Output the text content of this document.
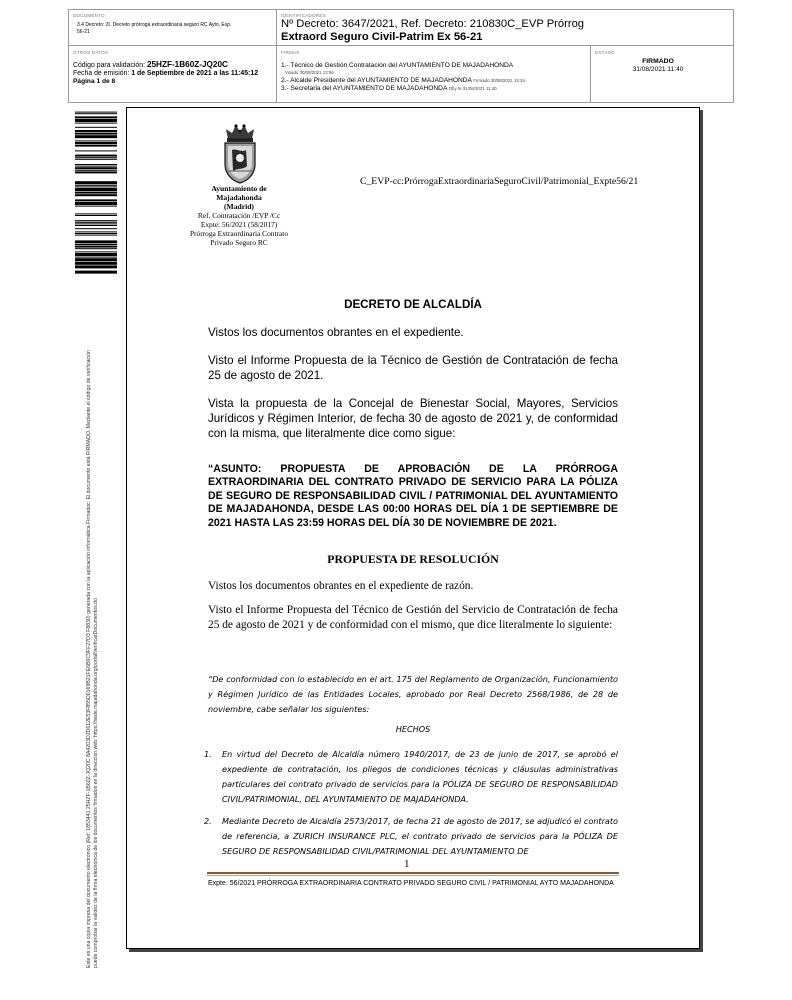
DOCUMENTO
3.4 Decreto: 2I. Decreto prórroga extraordinaria seguro RC Ayto. Exp. 56-21
IDENTIFICADORES
Nº Decreto: 3647/2021, Ref. Decreto: 210830C_EVP Prórrog
Extraord Seguro Civil-Patrim Ex 56-21
OTROS DATOS
Código para validación: 25HZF-1B60Z-JQ20C
Fecha de emisión: 1 de Septiembre de 2021 a las 11:45:12
Página 1 de 8
FIRMAS
:
1.- Técnico de Gestión Contratación del AYUNTAMIENTO DE MAJADAHONDA
Visado 30/08/2021 12:56
2.- Alcalde Presidente del AYUNTAMIENTO DE MAJADAHONDA Firmado 30/08/2021 15:34
3.- Secretaria del AYUNTAMIENTO DE MAJADAHONDA Dby fe 31/08/2021 11:40
ESTADO
FIRMADO
31/08/2021 11:40
Este es una copia impresa del documento electrónico (Ref: 1853441 25HZF-1B60Z-JQ20C 8A4203D2D612E53F855D0169B21FE6B6C9FF27D3 F8830) generada con la aplicación informática Firmadoc. El documento está FIRMADO. Mediante el código de verificación puede comprobar la validez de la firma electrónica de los documentos firmados en la dirección web: https://sede.majadahonda.org/portal/verificarDocumentos.do
Ayuntamiento de
Majadahonda
(Madrid)
Ref. Contratación /EVP /Cc
Expte: 56/2021 (58/2017)
Prórroga Extraordinaria Contrato
Privado Seguro RC
C_EVP-cc:PrórrogaExtraordinariaSeguroCivil/Patrimonial_Expte56/21
DECRETO DE ALCALDÍA
Vistos los documentos obrantes en el expediente.
Visto el Informe Propuesta de la Técnico de Gestión de Contratación de fecha 25 de agosto de 2021.
Vista la propuesta de la Concejal de Bienestar Social, Mayores, Servicios Jurídicos y Régimen Interior, de fecha 30 de agosto de 2021 y, de conformidad con la misma, que literalmente dice como sigue:
“ASUNTO: PROPUESTA DE APROBACIÓN DE LA PRÓRROGA EXTRAORDINARIA DEL CONTRATO PRIVADO DE SERVICIO PARA LA PÓLIZA DE SEGURO DE RESPONSABILIDAD CIVIL / PATRIMONIAL DEL AYUNTAMIENTO DE MAJADAHONDA, DESDE LAS 00:00 HORAS DEL DÍA 1 DE SEPTIEMBRE DE 2021 HASTA LAS 23:59 HORAS DEL DÍA 30 DE NOVIEMBRE DE 2021.
PROPUESTA DE RESOLUCIÓN
Vistos los documentos obrantes en el expediente de razón.
Visto el Informe Propuesta del Técnico de Gestión del Servicio de Contratación de fecha 25 de agosto de 2021 y de conformidad con el mismo, que dice literalmente lo siguiente:
“De conformidad con lo establecido en el art. 175 del Reglamento de Organización, Funcionamiento y Régimen Jurídico de las Entidades Locales, aprobado por Real Decreto 2568/1986, de 28 de noviembre, cabe señalar los siguientes:
HECHOS
1. En virtud del Decreto de Alcaldía número 1940/2017, de 23 de junio de 2017, se aprobó el expediente de contratación, los pliegos de condiciones técnicas y cláusulas administrativas particulares del contrato privado de servicios para la PÓLIZA DE SEGURO DE RESPONSABILIDAD CIVIL/PATRIMONIAL, DEL AYUNTAMIENTO DE MAJADAHONDA.
2. Mediante Decreto de Alcaldía 2573/2017, de fecha 21 de agosto de 2017, se adjudicó el contrato de referencia, a ZURICH INSURANCE PLC, el contrato privado de servicios para la PÓLIZA DE SEGURO DE RESPONSABILIDAD CIVIL/PATRIMONIAL DEL AYUNTAMIENTO DE
1
Expte. 56/2021 PRÓRROGA EXTRAORDINARIA CONTRATO PRIVADO SEGURO CIVIL / PATRIMONIAL AYTO MAJADAHONDA
